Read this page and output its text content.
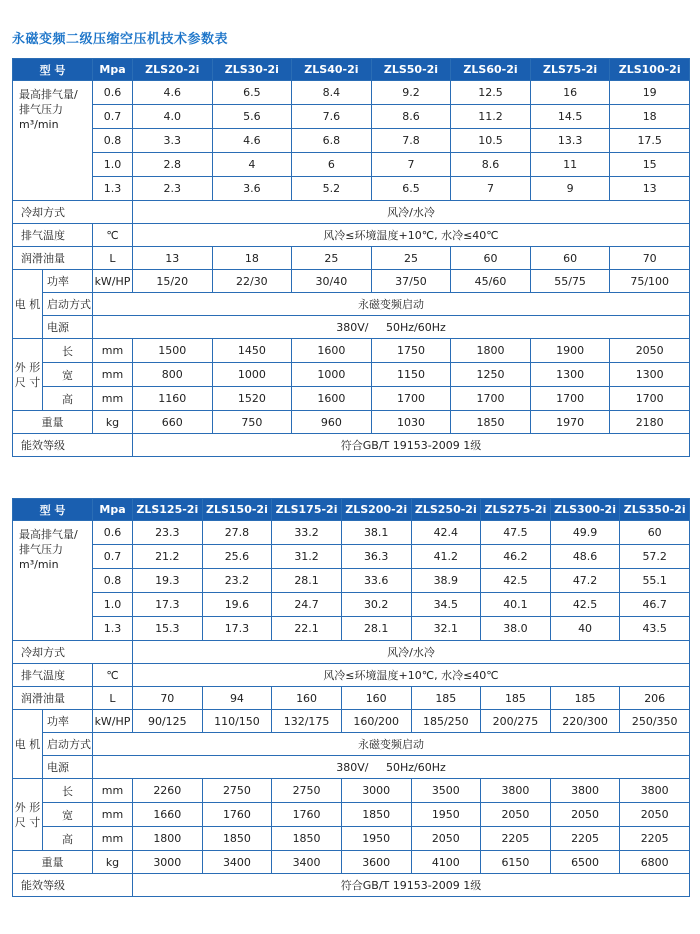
永磁变频二级压缩空压机技术参数表
型 号		Mpa	ZLS20-2i	ZLS30-2i	ZLS40-2i	ZLS50-2i	ZLS60-2i	ZLS75-2i	ZLS100-2i

最高排气量/
排气压力
m³/min		0.6	4.6	6.5	8.4	9.2	12.5	16	19
		0.7	4.0	5.6	7.6	8.6	11.2	14.5	18
		0.8	3.3	4.6	6.8	7.8	10.5	13.3	17.5
		1.0	2.8	4	6	7	8.6	11	15
		1.3	2.3	3.6	5.2	6.5	7	9	13
冷却方式			风冷/水冷						
排气温度		℃	风冷≤环境温度+10℃, 水冷≤40℃						
润滑油量		L	13	18	25	25	60	60	70
电 机	功率	kW/HP	15/20	22/30	30/40	37/50	45/60	55/75	75/100
	启动方式	永磁变频启动							
	电源	380V/     50Hz/60Hz							
外 形 尺 寸	长	mm	1500	1450	1600	1750	1800	1900	2050
	宽	mm	800	1000	1000	1150	1250	1300	1300
	高	mm	1160	1520	1600	1700	1700	1700	1700
重量		kg	660	750	960	1030	1850	1970	2180
能效等级			符合GB/T 19153-2009 1级						
型 号		Mpa	ZLS125-2i	ZLS150-2i	ZLS175-2i	ZLS200-2i	ZLS250-2i	ZLS275-2i	ZLS300-2i	ZLS350-2i

最高排气量/
排气压力
m³/min		0.6	23.3	27.8	33.2	38.1	42.4	47.5	49.9	60
		0.7	21.2	25.6	31.2	36.3	41.2	46.2	48.6	57.2
		0.8	19.3	23.2	28.1	33.6	38.9	42.5	47.2	55.1
		1.0	17.3	19.6	24.7	30.2	34.5	40.1	42.5	46.7
		1.3	15.3	17.3	22.1	28.1	32.1	38.0	40	43.5
冷却方式			风冷/水冷							
排气温度		℃	风冷≤环境温度+10℃, 水冷≤40℃							
润滑油量		L	70	94	160	160	185	185	185	206
电 机	功率	kW/HP	90/125	110/150	132/175	160/200	185/250	200/275	220/300	250/350
	启动方式	永磁变频启动								
	电源	380V/     50Hz/60Hz								
外 形 尺 寸	长	mm	2260	2750	2750	3000	3500	3800	3800	3800
	宽	mm	1660	1760	1760	1850	1950	2050	2050	2050
	高	mm	1800	1850	1850	1950	2050	2205	2205	2205
重量		kg	3000	3400	3400	3600	4100	6150	6500	6800
能效等级			符合GB/T 19153-2009 1级							
